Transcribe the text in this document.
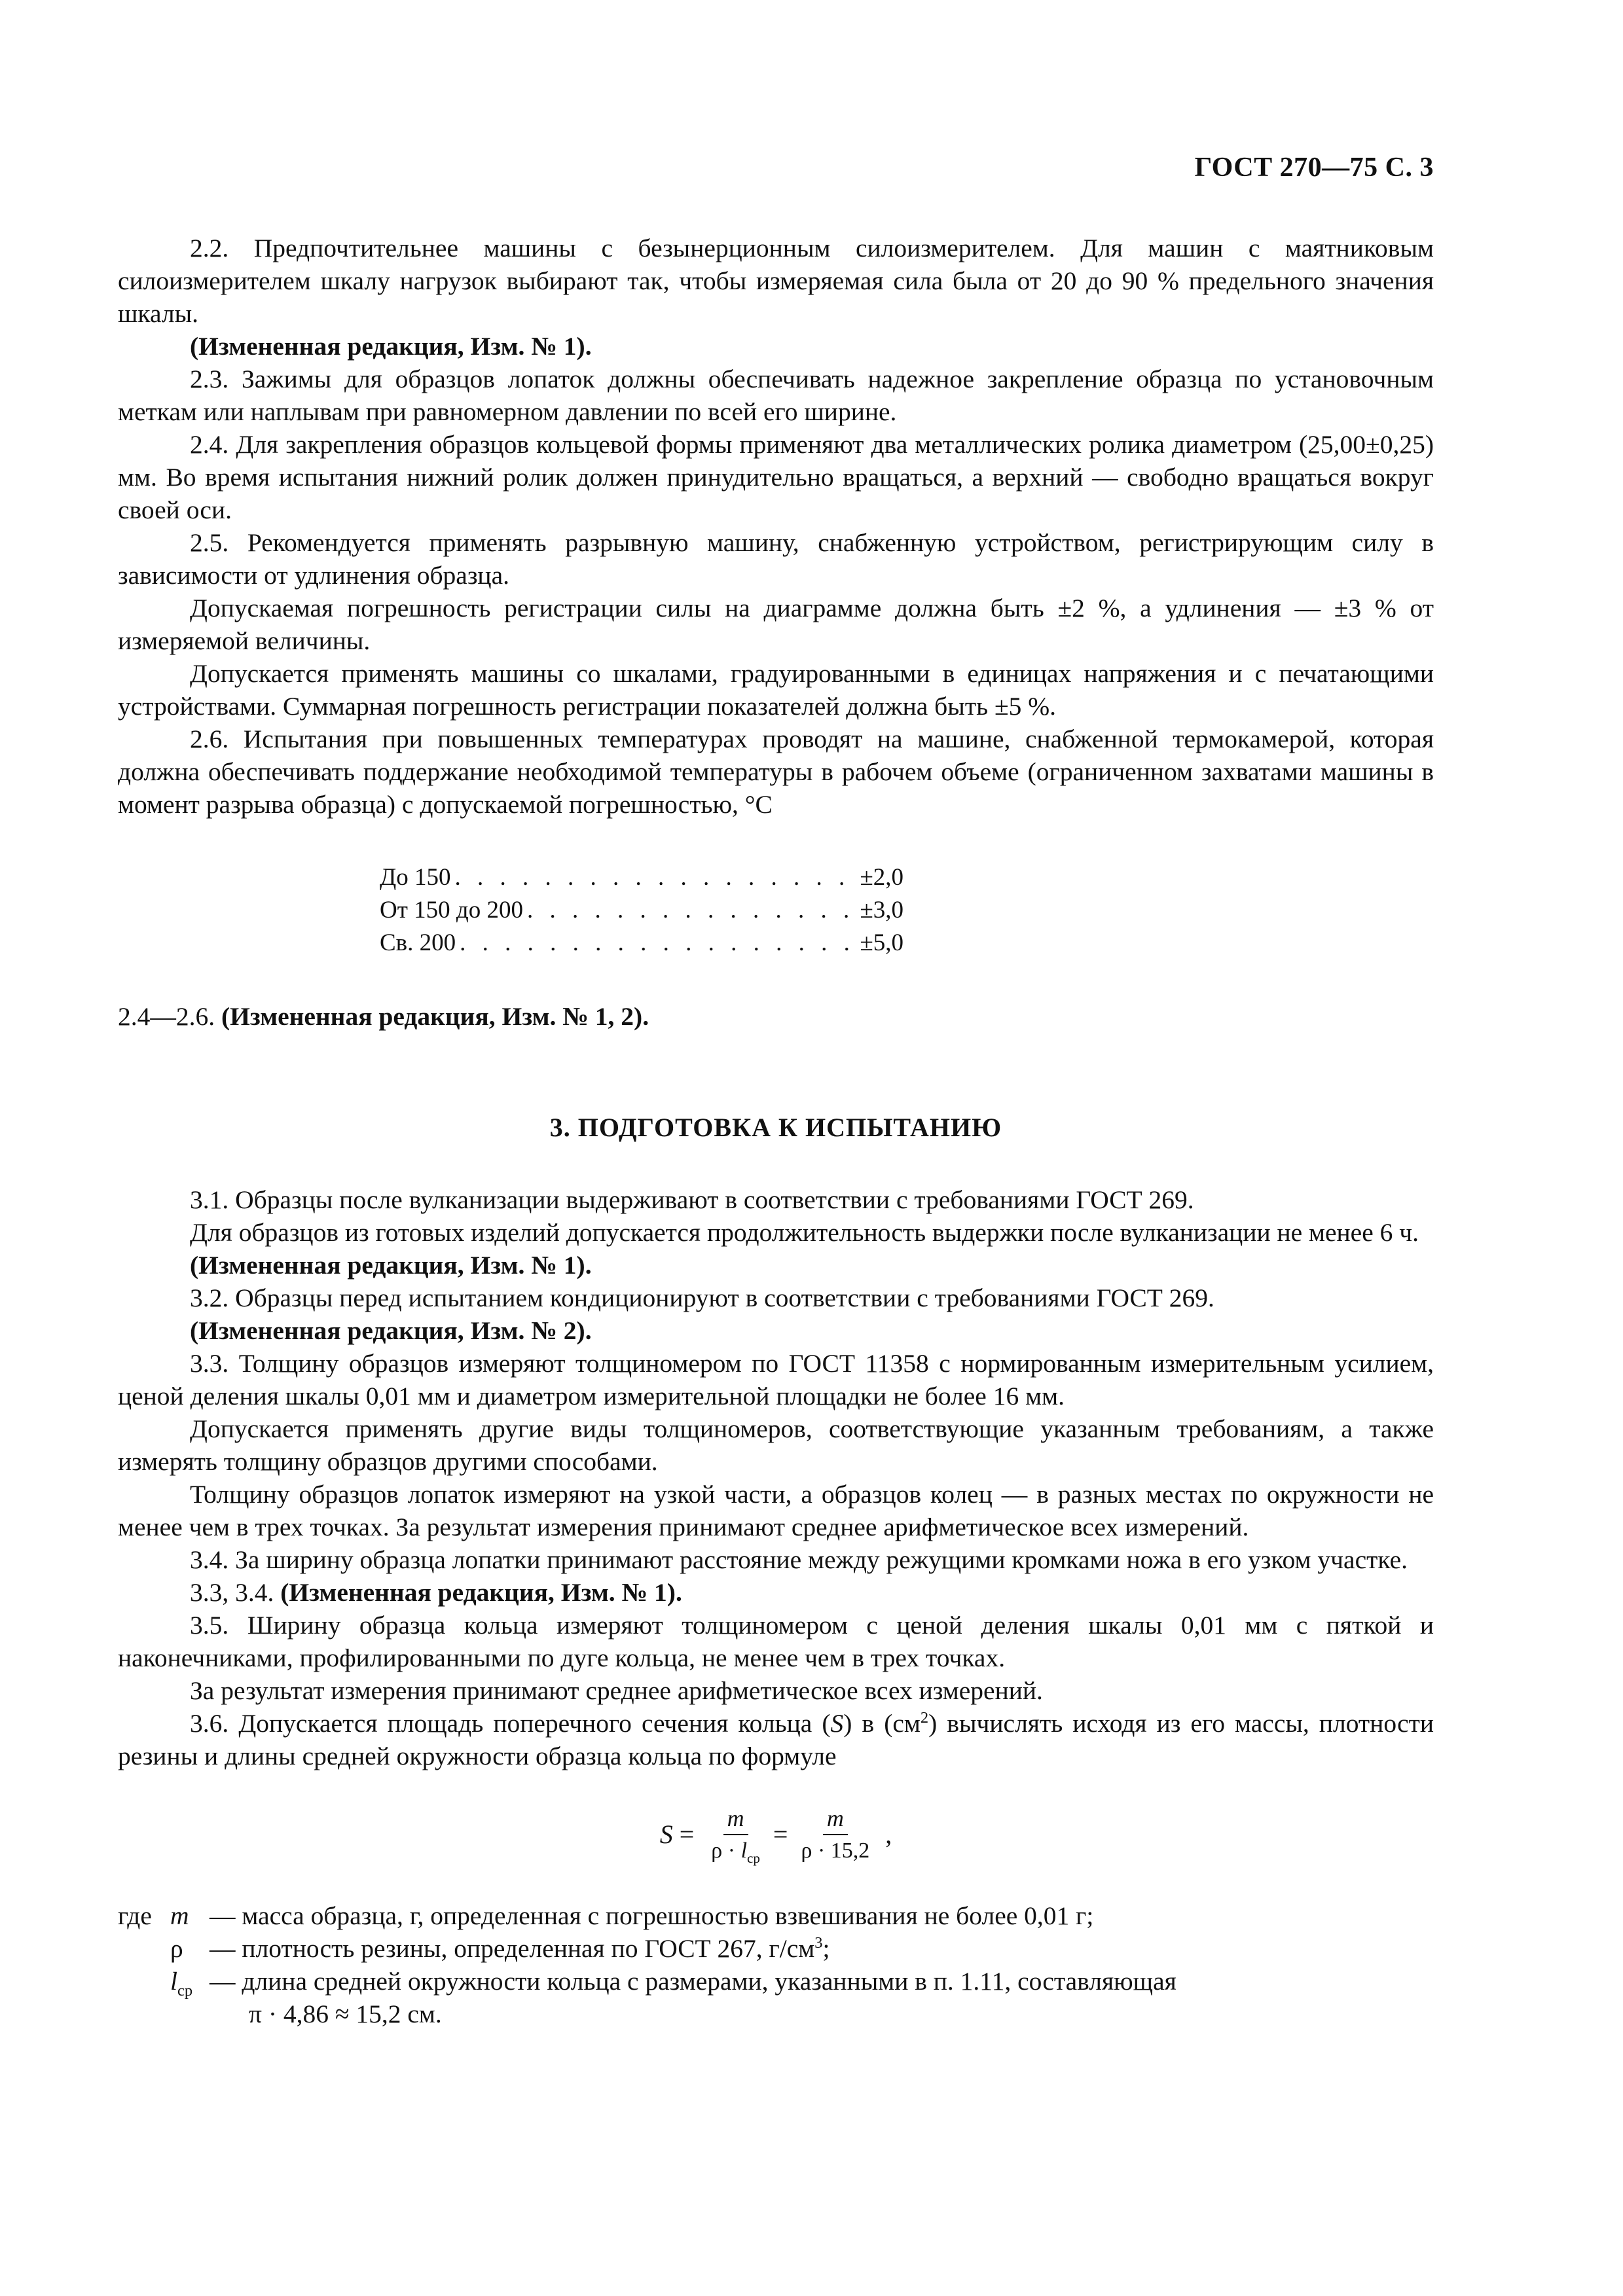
ГОСТ 270—75 С. 3

2.2. Предпочтительнее машины с безынерционным силоизмерителем. Для машин с маятниковым силоизмерителем шкалу нагрузок выбирают так, чтобы измеряемая сила была от 20 до 90 % предельного значения шкалы.

(Измененная редакция, Изм. № 1).

2.3. Зажимы для образцов лопаток должны обеспечивать надежное закрепление образца по установочным меткам или наплывам при равномерном давлении по всей его ширине.

2.4. Для закрепления образцов кольцевой формы применяют два металлических ролика диаметром (25,00±0,25) мм. Во время испытания нижний ролик должен принудительно вращаться, а верхний — свободно вращаться вокруг своей оси.

2.5. Рекомендуется применять разрывную машину, снабженную устройством, регистрирующим силу в зависимости от удлинения образца.

Допускаемая погрешность регистрации силы на диаграмме должна быть ±2 %, а удлинения — ±3 % от измеряемой величины.

Допускается применять машины со шкалами, градуированными в единицах напряжения и с печатающими устройствами. Суммарная погрешность регистрации показателей должна быть ±5 %.

2.6. Испытания при повышенных температурах проводят на машине, снабженной термокамерой, которая должна обеспечивать поддержание необходимой температуры в рабочем объеме (ограниченном захватами машины в момент разрыва образца) с допускаемой погрешностью, °С

До 150 . . .	±2,0
От 150 до 200 . . .	±3,0
Св. 200 . . .	±5,0

2.4—2.6. (Измененная редакция, Изм. № 1, 2).

3. ПОДГОТОВКА К ИСПЫТАНИЮ

3.1. Образцы после вулканизации выдерживают в соответствии с требованиями ГОСТ 269.

Для образцов из готовых изделий допускается продолжительность выдержки после вулканизации не менее 6 ч.

(Измененная редакция, Изм. № 1).

3.2. Образцы перед испытанием кондиционируют в соответствии с требованиями ГОСТ 269.

(Измененная редакция, Изм. № 2).

3.3. Толщину образцов измеряют толщиномером по ГОСТ 11358 с нормированным измерительным усилием, ценой деления шкалы 0,01 мм и диаметром измерительной площадки не более 16 мм.

Допускается применять другие виды толщиномеров, соответствующие указанным требованиям, а также измерять толщину образцов другими способами.

Толщину образцов лопаток измеряют на узкой части, а образцов колец — в разных местах по окружности не менее чем в трех точках. За результат измерения принимают среднее арифметическое всех измерений.

3.4. За ширину образца лопатки принимают расстояние между режущими кромками ножа в его узком участке.

3.3, 3.4. (Измененная редакция, Изм. № 1).

3.5. Ширину образца кольца измеряют толщиномером с ценой деления шкалы 0,01 мм с пяткой и наконечниками, профилированными по дуге кольца, не менее чем в трех точках.

За результат измерения принимают среднее арифметическое всех измерений.

3.6. Допускается площадь поперечного сечения кольца (S) в $(см^2)$ вычислять исходя из его массы, плотности резины и длины средней окружности образца кольца по формуле

$S = \frac{m}{\rho \cdot l_{ср}} = \frac{m}{\rho \cdot 15,2}$ ,
где m — масса образца, г, определенная с погрешностью взвешивания не более 0,01 г;
ρ	— плотность резины, определенная по ГОСТ 267, $г/см^3$;
$l_{ср}$ — длина средней окружности кольца с размерами, указанными в п. 1.11, составляющая
π · 4,86 ≈ 15,2 см.
